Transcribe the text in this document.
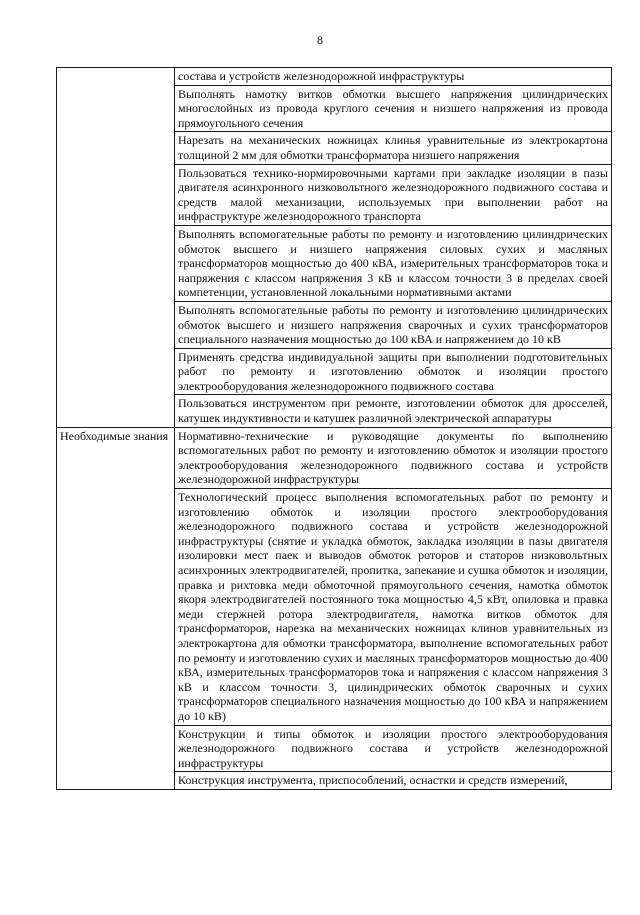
8
	состава и устройств железнодорожной инфраструктуры
	Выполнять намотку витков обмотки высшего напряжения цилиндрических многослойных из провода круглого сечения и низшего напряжения из провода прямоугольного сечения
	Нарезать на механических ножницах клинья уравнительные из электрокартона толщиной 2 мм для обмотки трансформатора низшего напряжения
	Пользоваться технико-нормировочными картами при закладке изоляции в пазы двигателя асинхронного низковольтного железнодорожного подвижного состава и средств малой механизации, используемых при выполнении работ на инфраструктуре железнодорожного транспорта
	Выполнять вспомогательные работы по ремонту и изготовлению цилиндрических обмоток высшего и низшего напряжения силовых сухих и масляных трансформаторов мощностью до 400 кВА, измерительных трансформаторов тока и напряжения с классом напряжения 3 кВ и классом точности 3 в пределах своей компетенции, установленной локальными нормативными актами
	Выполнять вспомогательные работы по ремонту и изготовлению цилиндрических обмоток высшего и низшего напряжения сварочных и сухих трансформаторов специального назначения мощностью до 100 кВА и напряжением до 10 кВ
	Применять средства индивидуальной защиты при выполнении подготовительных работ по ремонту и изготовлению обмоток и изоляции простого электрооборудования железнодорожного подвижного состава
	Пользоваться инструментом при ремонте, изготовлении обмоток для дросселей, катушек индуктивности и катушек различной электрической аппаратуры

Необходимые знания	Нормативно-технические и руководящие документы по выполнению вспомогательных работ по ремонту и изготовлению обмоток и изоляции простого электрооборудования железнодорожного подвижного состава и устройств железнодорожной инфраструктуры
	Технологический процесс выполнения вспомогательных работ по ремонту и изготовлению обмоток и изоляции простого электрооборудования железнодорожного подвижного состава и устройств железнодорожной инфраструктуры (снятие и укладка обмоток, закладка изоляции в пазы двигателя изолировки мест паек и выводов обмоток роторов и статоров низковольтных асинхронных электродвигателей, пропитка, запекание и сушка обмоток и изоляции, правка и рихтовка меди обмоточной прямоугольного сечения, намотка обмоток якоря электродвигателей постоянного тока мощностью 4,5 кВт, опиловка и правка меди стержней ротора электродвигателя, намотка витков обмоток для трансформаторов, нарезка на механических ножницах клинов уравнительных из электрокартона для обмотки трансформатора, выполнение вспомогательных работ по ремонту и изготовлению сухих и масляных трансформаторов мощностью до 400 кВА, измерительных трансформаторов тока и напряжения с классом напряжения 3 кВ и классом точности 3, цилиндрических обмоток сварочных и сухих трансформаторов специального назначения мощностью до 100 кВА и напряжением до 10 кВ)
	Конструкции и типы обмоток и изоляции простого электрооборудования железнодорожного подвижного состава и устройств железнодорожной инфраструктуры
	Конструкция инструмента, приспособлений, оснастки и средств измерений,
